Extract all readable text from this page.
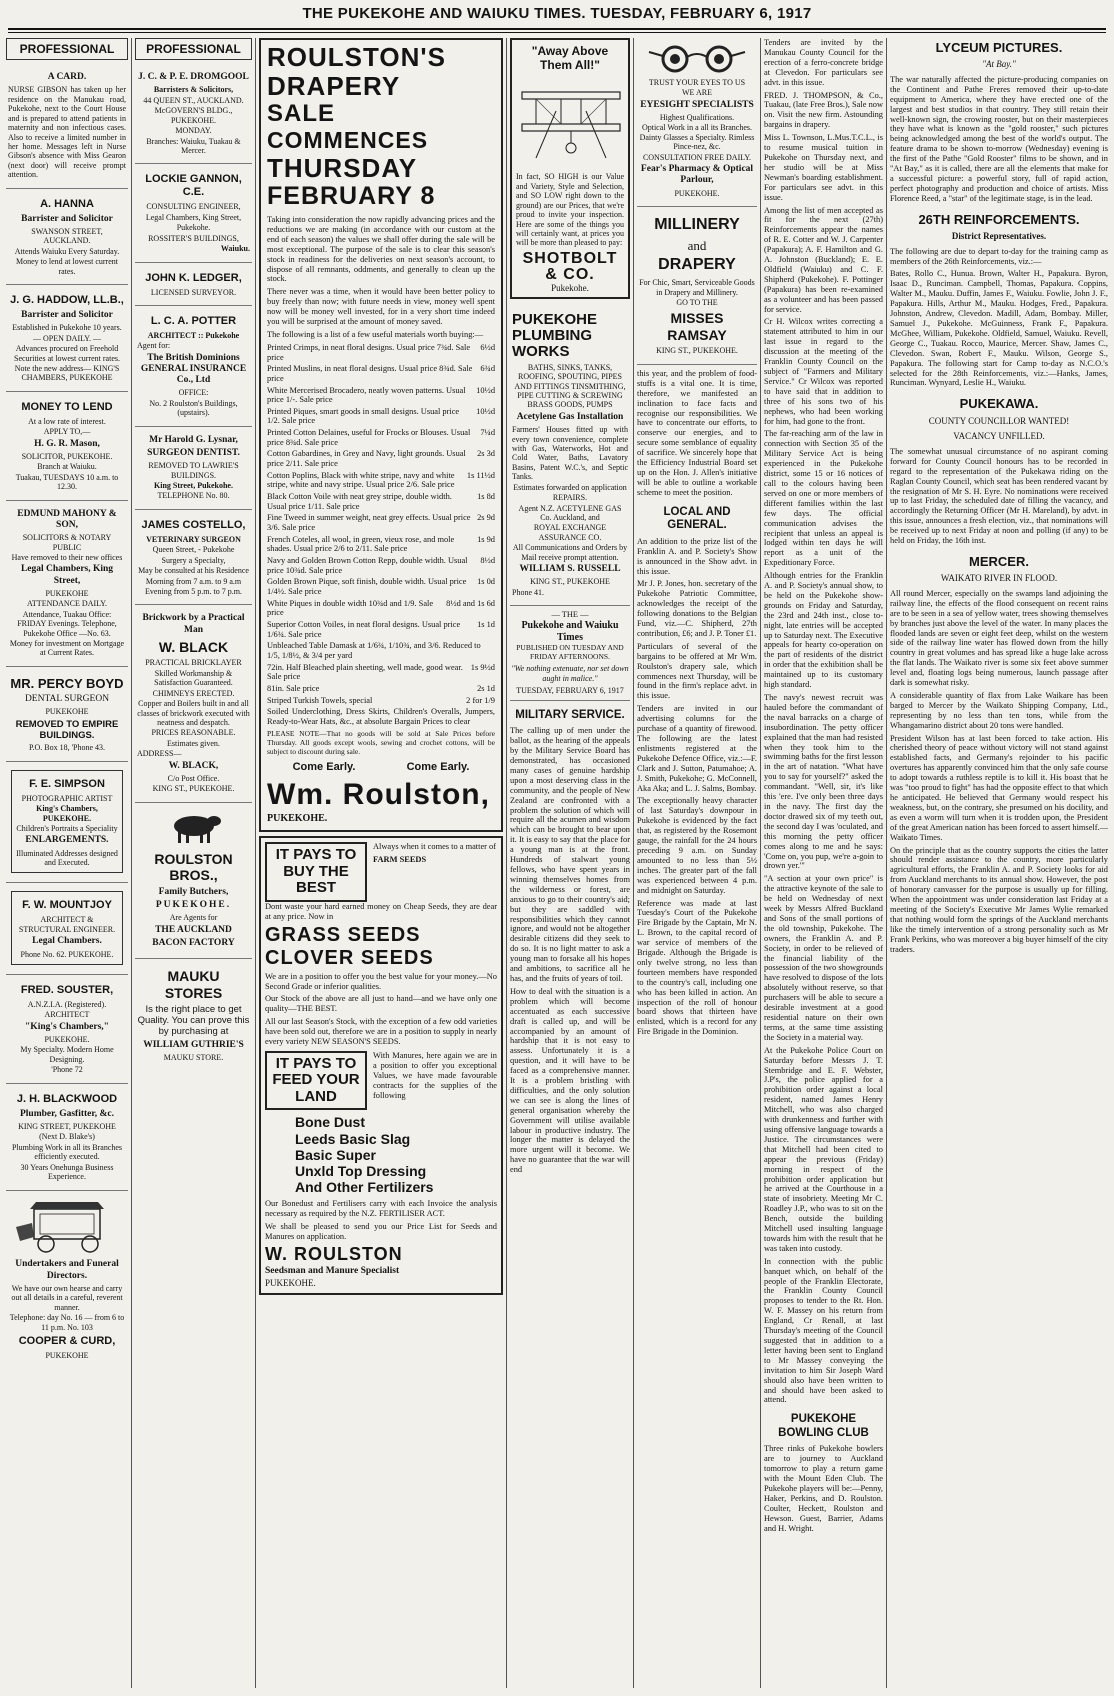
THE PUKEKOHE AND WAIUKU TIMES. TUESDAY, FEBRUARY 6, 1917
PROFESSIONAL
A CARD.

NURSE GIBSON has taken up her residence on the Manukau road, Pukekohe, next to the Court House and is prepared to attend patients in maternity and non infectious cases. Also to receive a limited number in her home. Messages left in Nurse Gibson's absence with Miss Gearon (next door) will receive prompt attention.

A. HANNA
Barrister and Solicitor
SWANSON STREET, AUCKLAND.
Attends Waiuku Every Saturday.
Money to lend at lowest current rates.
J. G. HADDOW, LL.B.,
Barrister and Solicitor
Established in Pukekohe 10 years.
— OPEN DAILY. —
Advances procured on Freehold Securities at lowest current rates.
Note the new address— KING'S CHAMBERS, PUKEKOHE
MONEY TO LEND
At a low rate of interest.
APPLY TO,—
H. G. R. Mason,
SOLICITOR, PUKEKOHE.
Branch at Waiuku.
Tuakau, TUESDAYS 10 a.m. to 12.30.
EDMUND MAHONY & SON,
SOLICITORS & NOTARY PUBLIC
Have removed to their new offices
Legal Chambers, King Street,
PUKEKOHE
ATTENDANCE DAILY.
Attendance, Tuakau Office: FRIDAY Evenings. Telephone, Pukekohe Office —No. 63.
Money for investment on Mortgage at Current Rates.
MR. PERCY BOYD
DENTAL SURGEON
PUKEKOHE
REMOVED TO EMPIRE BUILDINGS.
P.O. Box 18, 'Phone 43.
F. E. SIMPSON
PHOTOGRAPHIC ARTIST
King's Chambers, PUKEKOHE.
Children's Portraits a Speciality
ENLARGEMENTS.
Illuminated Addresses designed and Executed.
F. W. MOUNTJOY
ARCHITECT & STRUCTURAL ENGINEER.
Legal Chambers.
Phone No. 62. PUKEKOHE.
FRED. SOUSTER,
A.N.Z.I.A. (Registered).
ARCHITECT
"King's Chambers,"
PUKEKOHE.
My Specialty. Modern Home Designing.
'Phone 72
J. H. BLACKWOOD
Plumber, Gasfitter, &c.
KING STREET, PUKEKOHE
(Next D. Blake's)
Plumbing Work in all its Branches efficiently executed.
30 Years Onehunga Business Experience.
Undertakers and Funeral Directors.
We have our own hearse and carry out all details in a careful, reverent manner.
Telephone: day No. 16 — from 6 to 11 p.m. No. 103
COOPER & CURD,
PUKEKOHE
PROFESSIONAL
J. C. & P. E. DROMGOOL
Barristers & Solicitors,
44 QUEEN ST., AUCKLAND.
McGOVERN'S BLDG., PUKEKOHE.
MONDAY.
Branches: Waiuku, Tuakau & Mercer.
LOCKIE GANNON, C.E.
CONSULTING ENGINEER,
Legal Chambers, King Street,
Pukekohe.
ROSSITER'S BUILDINGS,
Waiuku.
JOHN K. LEDGER,
LICENSED SURVEYOR.
L. C. A. POTTER
ARCHITECT :: Pukekohe
Agent for:
The British Dominions GENERAL INSURANCE Co., Ltd
OFFICE:
No. 2 Roulston's Buildings, (upstairs).
Mr Harold G. Lysnar,
SURGEON DENTIST.
REMOVED TO LAWRIE'S BUILDINGS.
King Street, Pukekohe.
TELEPHONE No. 80.
JAMES COSTELLO,
VETERINARY SURGEON
Queen Street, - Pukekohe
Surgery a Specialty,
May be consulted at his Residence
Morning from 7 a.m. to 9 a.m
Evening from 5 p.m. to 7 p.m.
Brickwork by a Practical Man
W. BLACK
PRACTICAL BRICKLAYER
Skilled Workmanship & Satisfaction Guaranteed.
CHIMNEYS ERECTED.
Copper and Boilers built in and all classes of brickwork executed with neatness and despatch.
PRICES REASONABLE.
Estimates given.
ADDRESS—
W. BLACK,
C/o Post Office.
KING ST., PUKEKOHE.
ROULSTON BROS.,
Family Butchers,
PUKEKOHE.
Are Agents for
THE AUCKLAND
BACON FACTORY
MAUKU STORES
Is the right place to get Quality. You can prove this by purchasing at
WILLIAM GUTHRIE'S
MAUKU STORE.

ROULSTON'S

DRAPERY

SALE

COMMENCES

THURSDAY

FEBRUARY 8

Taking into consideration the now rapidly advancing prices and the reductions we are making (in accordance with our custom at the end of each season) the values we shall offer during the sale will be most exceptional. The purpose of the sale is to clear this season's stock in readiness for the deliveries on next season's account, to dispose of all remnants, oddments, and generally to clean up the stock.

There never was a time, when it would have been better policy to buy freely than now; with future needs in view, money well spent now will be money well invested, for in a very short time indeed you will be surprised at the amount of money saved.

The following is a list of a few useful materials worth buying:—

Printed Crimps, in neat floral designs. Usual price 7¾d. Sale price
6½d
Printed Muslins, in neat floral designs. Usual price 8¾d. Sale price
6¾d
White Mercerised Brocadero, neatly woven patterns. Usual price 1/-. Sale price
10½d
Printed Piques, smart goods in small designs. Usual price 1/2. Sale price
10½d
Printed Cotton Delaines, useful for Frocks or Blouses. Usual price 8¾d. Sale price
7¼d
Cotton Gabardines, in Grey and Navy, light grounds. Usual price 2/11. Sale price
2s 3d
Cotton Poplins, Black with white stripe, navy and white stripe, white and navy stripe. Usual price 2/6. Sale price
1s 11½d
Black Cotton Voile with neat grey stripe, double width. Usual price 1/11. Sale price
1s 8d
Fine Tweed in summer weight, neat grey effects. Usual price 3/6. Sale price
2s 9d
French Coteles, all wool, in green, vieux rose, and mole shades. Usual price 2/6 to 2/11. Sale price
1s 9d
Navy and Golden Brown Cotton Repp, double width. Usual price 10¾d. Sale price
8½d
Golden Brown Pique, soft finish, double width. Usual price 1/4½. Sale price
1s 0d
White Piques in double width 10¾d and 1/9. Sale price
8½d and 1s 6d
Superior Cotton Voiles, in neat floral designs. Usual price 1/6¾. Sale price
1s 1d
Unbleached Table Damask at 1/6¾, 1/10¾, and 3/6. Reduced to 1/5, 1/8½, & 3/4 per yard
72in. Half Bleached plain sheeting, well made, good wear. Sale price
1s 9½d
81in. Sale price	2s 1d
Striped Turkish Towels, special	2 for 1/9

Soiled Underclothing, Dress Skirts, Children's Overalls, Jumpers, Ready-to-Wear Hats, &c., at absolute Bargain Prices to clear

PLEASE NOTE—That no goods will be sold at Sale Prices before Thursday. All goods except wools, sewing and crochet cottons, will be subject to discount during sale.

Come Early.	Come Early.

Wm. Roulston,

PUKEKOHE.

IT PAYS TO BUY THE BEST

Always when it comes to a matter of

FARM SEEDS

Dont waste your hard earned money on Cheap Seeds, they are dear at any price. Now in

GRASS SEEDS

CLOVER SEEDS

We are in a position to offer you the best value for your money.—No Second Grade or inferior qualities.

Our Stock of the above are all just to hand—and we have only one quality—THE BEST.

All our last Season's Stock, with the exception of a few odd varieties have been sold out, therefore we are in a position to supply in nearly every variety NEW SEASON'S SEEDS.

IT PAYS TO FEED YOUR LAND

With Manures, here again we are in a position to offer you exceptional Values, we have made favourable contracts for the supplies of the following

Bone Dust
Leeds Basic Slag
Basic Super
Unxld Top Dressing
And Other Fertilizers

Our Bonedust and Fertilisers carry with each Invoice the analysis necessary as required by the N.Z. FERTILISER ACT.

We shall be pleased to send you our Price List for Seeds and Manures on application.

W. ROULSTON

Seedsman and Manure Specialist

PUKEKOHE.

"Away Above Them All!"

In fact, SO HIGH is our Value and Variety, Style and Selection, and SO LOW right down to the ground) are our Prices, that we're proud to invite your inspection. Here are some of the things you will certainly want, at prices you will be more than pleased to pay:

SHOTBOLT & CO.
Pukekohe.
PUKEKOHE PLUMBING WORKS
BATHS, SINKS, TANKS, ROOFING, SPOUTING, PIPES AND FITTINGS TINSMITHING, PIPE CUTTING & SCREWING BRASS GOODS, PUMPS
Acetylene Gas Installation

Farmers' Houses fitted up with every town convenience, complete with Gas, Waterworks, Hot and Cold Water, Baths, Lavatory Basins, Patent W.C.'s, and Septic Tanks.

Estimates forwarded on application
REPAIRS.
Agent N.Z. ACETYLENE GAS Co. Auckland, and
ROYAL EXCHANGE ASSURANCE CO.
All Communications and Orders by Mail receive prompt attention.
WILLIAM S. RUSSELL
KING ST., PUKEKOHE
Phone 41.
— THE —
Pukekohe and Waiuku Times
PUBLISHED ON TUESDAY AND FRIDAY AFTERNOONS.
"We nothing extenuate, nor set down aught in malice."
TUESDAY, FEBRUARY 6, 1917
MILITARY SERVICE.

The calling up of men under the ballot, as the hearing of the appeals by the Military Service Board has demonstrated, has occasioned many cases of genuine hardship upon a most deserving class in the community, and the people of New Zealand are confronted with a problem the solution of which will require all the acumen and wisdom which can be brought to bear upon it. It is easy to say that the place for a young man is at the front. Hundreds of stalwart young fellows, who have spent years in winning themselves homes from the wilderness or forest, are anxious to go to their country's aid; but they are saddled with responsibilities which they cannot ignore, and would not be altogether desirable citizens did they seek to do so. It is no light matter to ask a young man to forsake all his hopes and ambitions, to sacrifice all he has, and the fruits of years of toil.

How to deal with the situation is a problem which will become accentuated as each successive draft is called up, and will be accompanied by an amount of hardship that it is not easy to assess. Unfortunately it is a question, and it will have to be faced as a comprehensive manner. It is a problem bristling with difficulties, and the only solution we can see is along the lines of general organisation whereby the Government will utilise available labour in productive industry. The longer the matter is delayed the more urgent will it become. We have no guarantee that the war will end

TRUST YOUR EYES TO US
WE ARE
EYESIGHT SPECIALISTS
Highest Qualifications.
Optical Work in a all its Branches. Dainty Glasses a Specialty. Rimless Pince-nez, &c.
CONSULTATION FREE DAILY.
Fear's Pharmacy & Optical Parlour,
PUKEKOHE.
MILLINERY
and
DRAPERY
For Chic, Smart, Serviceable Goods in Drapery and Millinery.
GO TO THE
MISSES RAMSAY
KING ST., PUKEKOHE.

this year, and the problem of food-stuffs is a vital one. It is time, therefore, we manifested an inclination to face facts and recognise our responsibilities. We have to concentrate our efforts, to conserve our energies, and to secure some semblance of equality of sacrifice. We sincerely hope that the Efficiency Industrial Board set up on the Hon. J. Allen's initiative will be able to outline a workable scheme to meet the position.

LOCAL AND GENERAL.

An addition to the prize list of the Franklin A. and P. Society's Show is announced in the Show advt. in this issue.

Mr J. P. Jones, hon. secretary of the Pukekohe Patriotic Committee, acknowledges the receipt of the following donations to the Belgian Fund, viz.—C. Shipherd, 27th contribution, £6; and J. P. Toner £1.

Particulars of several of the bargains to be offered at Mr Wm. Roulston's drapery sale, which commences next Thursday, will be found in the firm's replace advt. in this issue.

Tenders are invited in our advertising columns for the purchase of a quantity of firewood. The following are the latest enlistments registered at the Pukekohe Defence Office, viz.:—F. Clark and J. Sutton, Patumahoe; A. J. Smith, Pukekohe; G. McConnell, Aka Aka; and L. J. Salms, Bombay.

The exceptionally heavy character of last Saturday's downpour in Pukekohe is evidenced by the fact that, as registered by the Rosemont gauge, the rainfall for the 24 hours preceding 9 a.m. on Sunday amounted to no less than 5½ inches. The greater part of the fall was experienced between 4 p.m. and midnight on Saturday.

Reference was made at last Tuesday's Court of the Pukekohe Fire Brigade by the Captain, Mr N. L. Brown, to the capital record of war service of members of the Brigade. Although the Brigade is only twelve strong, no less than fourteen members have responded to the country's call, including one who has been killed in action. An inspection of the roll of honour board shows that thirteen have enlisted, which is a record for any Fire Brigade in the Dominion.

Tenders are invited by the Manukau County Council for the erection of a ferro-concrete bridge at Clevedon. For particulars see advt. in this issue.

FRED. J. THOMPSON, & Co., Tuakau, (late Free Bros.), Sale now on. Visit the new firm. Astounding bargains in drapery.

Miss L. Townson, L.Mus.T.C.L., is to resume musical tuition in Pukekohe on Thursday next, and her studio will be at Miss Newman's boarding establishment. For particulars see advt. in this issue.

Among the list of men accepted as fit for the next (27th) Reinforcements appear the names of R. E. Cotter and W. J. Carpenter (Papakura); A. F. Hamilton and G. A. Johnston (Buckland); E. E. Oldfield (Waiuku) and C. F. Shipherd (Pukekohe). F. Pottinger (Papakura) has been re-examined as a volunteer and has been passed for service.

Cr H. Wilcox writes correcting a statement attributed to him in our last issue in regard to the discussion at the meeting of the Franklin County Council on the subject of "Farmers and Military Service." Cr Wilcox was reported to have said that in addition to three of his sons two of his nephews, who had been working for him, had gone to the front.

The far-reaching arm of the law in connection with Section 35 of the Military Service Act is being experienced in the Pukekohe district, some 15 or 16 notices of call to the colours having been served on one or more members of different families within the last few days. The official communication advises the recipient that unless an appeal is lodged within ten days he will report as a unit of the Expeditionary Force.

Although entries for the Franklin A. and P. Society's annual show, to be held on the Pukekohe show-grounds on Friday and Saturday, the 23rd and 24th inst., close to-night, late entries will be accepted up to Saturday next. The Executive appeals for hearty co-operation on the part of residents of the district in order that the exhibition shall be maintained up to its customary high standard.

The navy's newest recruit was hauled before the commandant of the naval barracks on a charge of insubordination. The petty officer explained that the man had resisted when they took him to the swimming baths for the first lesson in the art of natation. "What have you to say for yourself?" asked the commandant. "Well, sir, it's like this 'ere. I've only been three days in the navy. The first day the doctor drawed six of my teeth out, the second day I was 'oculated, and this morning the petty officer comes along to me and he says: 'Come on, you pup, we're a-goin to drown yer.'"

"A section at your own price" is the attractive keynote of the sale to be held on Wednesday of next week by Messrs Alfred Buckland and Sons of the small portions of the old township, Pukekohe. The owners, the Franklin A. and P. Society, in order to be relieved of the financial liability of the possession of the two showgrounds have resolved to dispose of the lots absolutely without reserve, so that purchasers will be able to secure a desirable investment at a good residential nature on their own terms, at the same time assisting the Society in a material way.

At the Pukekohe Police Court on Saturday before Messrs J. T. Stembridge and E. F. Webster, J.P's, the police applied for a prohibition order against a local resident, named James Henry Mitchell, who was also charged with drunkenness and further with using offensive language towards a Justice. The circumstances were that Mitchell had been cited to appear the previous (Friday) morning in respect of the prohibition order application but he arrived at the Courthouse in a state of insobriety. Meeting Mr C. Roadley J.P., who was to sit on the Bench, outside the building Mitchell used insulting language towards him with the result that he was taken into custody.

In connection with the public banquet which, on behalf of the people of the Franklin Electorate, the Franklin County Council proposes to tender to the Rt. Hon. W. F. Massey on his return from England, Cr Renall, at last Thursday's meeting of the Council suggested that in addition to a letter having been sent to England to Mr Massey conveying the invitation to him Sir Joseph Ward should also have been written to and should have been asked to attend.

PUKEKOHE BOWLING CLUB

Three rinks of Pukekohe bowlers are to journey to Auckland tomorrow to play a return game with the Mount Eden Club. The Pukekohe players will be:—Penny, Haker, Perkins, and D. Roulston. Coulter, Heckett, Roulston and Hewson. Guest, Barrier, Adams and H. Wright.

LYCEUM PICTURES.
"At Bay."

The war naturally affected the picture-producing companies on the Continent and Pathe Freres removed their up-to-date equipment to America, where they have erected one of the largest and best studios in that country. They still retain their well-known sign, the crowing rooster, but on their masterpieces they have what is known as the "gold rooster," such pictures being acknowledged among the best of the world's output. The feature drama to be shown to-morrow (Wednesday) evening is the first of the Pathe "Gold Rooster" films to be shown, and in "At Bay," as it is called, there are all the elements that make for a successful picture: a powerful story, full of rapid action, perfect photography and production and choice of artists. Miss Florence Reed, a "star" of the legitimate stage, is in the lead.

26TH REINFORCEMENTS.
District Representatives.

The following are due to depart to-day for the training camp as members of the 26th Reinforcements, viz.:—

Bates, Rollo C., Hunua. Brown, Walter H., Papakura. Byron, Isaac D., Runciman. Campbell, Thomas, Papakura. Coppins, Walter M., Mauku. Duffin, James F., Waiuku. Fowlie, John J. F., Papakura. Hills, Arthur M., Mauku. Hodges, Fred., Papakura. Johnston, Andrew, Clevedon. Madill, Adam, Bombay. Miller, Samuel J., Pukekohe. McGuinness, Frank F., Papakura. McGhee, William, Pukekohe. Oldfield, Samuel, Waiuku. Revell, George C., Tuakau. Rocco, Maurice, Mercer. Shaw, James C., Clevedon. Swan, Robert F., Mauku. Wilson, George S., Papakura. The following start for Camp to-day as N.C.O.'s selected for the 28th Reinforcements, viz.:—Hanks, James, Runciman. Wynyard, Leslie H., Waiuku.

PUKEKAWA.
COUNTY COUNCILLOR WANTED!
VACANCY UNFILLED.

The somewhat unusual circumstance of no aspirant coming forward for County Council honours has to be recorded in regard to the representation of the Pukekawa riding on the Raglan County Council, which seat has been rendered vacant by the resignation of Mr S. H. Eyre. No nominations were received up to last Friday, the scheduled date of filling the vacancy, and accordingly the Returning Officer (Mr H. Mareland), by advt. in this issue, announces a fresh election, viz., that nominations will be received up to next Friday at noon and polling (if any) to be held on Friday, the 16th inst.

MERCER.
WAIKATO RIVER IN FLOOD.

All round Mercer, especially on the swamps land adjoining the railway line, the effects of the flood consequent on recent rains are to be seen in a sea of yellow water, trees showing themselves by branches just above the level of the water. In many places the flooded lands are seven or eight feet deep, whilst on the western side of the railway line water has flowed down from the hilly country in great volumes and has spread like a huge lake across the flat lands. The Waikato river is some six feet above summer level and, floating logs being numerous, launch passage after dark is somewhat risky.

A considerable quantity of flax from Lake Waikare has been barged to Mercer by the Waikato Shipping Company, Ltd., representing by no less than ten tons, while from the Whangamarino district about 20 tons were handled.

President Wilson has at last been forced to take action. His cherished theory of peace without victory will not stand against established facts, and Germany's rejoinder to his pacific overtures has apparently convinced him that the only safe course to adopt towards a ruthless reptile is to kill it. His boast that he was "too proud to fight" has had the opposite effect to that which he anticipated. He believed that Germany would respect his weakness, but, on the contrary, she presumed on his docility, and as even a worm will turn when it is trodden upon, the President of the great American nation has been forced to assert himself.—Waikato Times.

On the principle that as the country supports the cities the latter should render assistance to the country, more particularly agricultural efforts, the Franklin A. and P. Society looks for aid from Auckland merchants to its annual show. However, the post of honorary canvasser for the purpose is usually up for filling. When the appointment was under consideration last Friday at a meeting of the Society's Executive Mr James Wylie remarked that nothing would form the springs of the Auckland merchants like the timely intervention of a strong personality such as Mr Frank Perkins, who was moreover a big buyer himself of the city traders.
